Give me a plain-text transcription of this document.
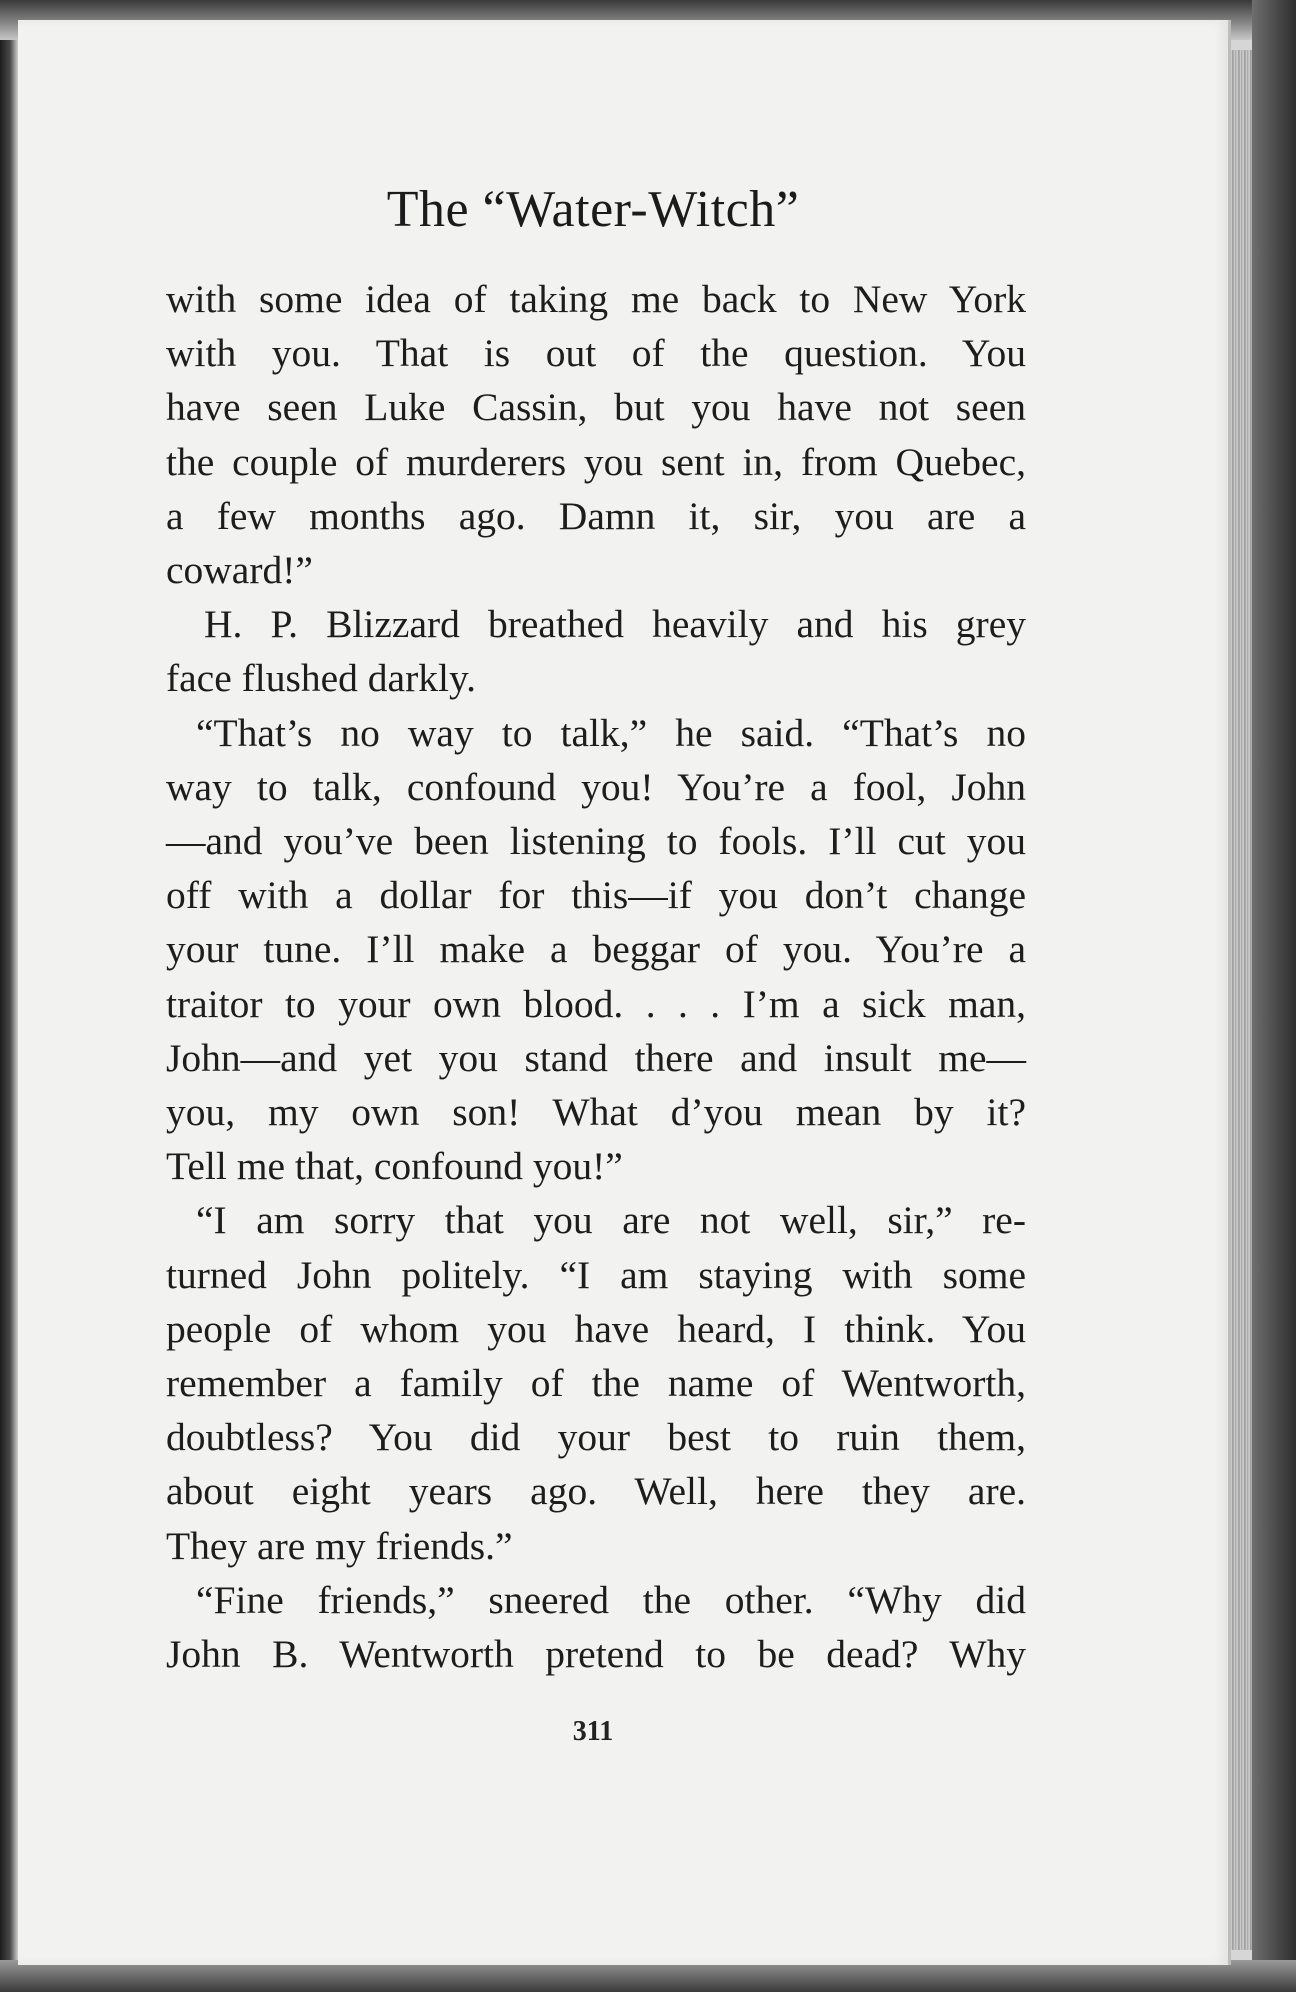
The “Water-Witch”

with some idea of taking me back to New York
with you. That is out of the question. You
have seen Luke Cassin, but you have not seen
the couple of murderers you sent in, from Quebec,
a few months ago. Damn it, sir, you are a
coward!”

H. P. Blizzard breathed heavily and his grey
face flushed darkly.

“That’s no way to talk,” he said. “That’s no
way to talk, confound you! You’re a fool, John
—and you’ve been listening to fools. I’ll cut you
off with a dollar for this—if you don’t change
your tune. I’ll make a beggar of you. You’re a
traitor to your own blood. . . . I’m a sick man,
John—and yet you stand there and insult me—
you, my own son! What d’you mean by it?
Tell me that, confound you!”

“I am sorry that you are not well, sir,” re-
turned John politely. “I am staying with some
people of whom you have heard, I think. You
remember a family of the name of Wentworth,
doubtless? You did your best to ruin them,
about eight years ago. Well, here they are.
They are my friends.”

“Fine friends,” sneered the other. “Why did
John B. Wentworth pretend to be dead? Why

311
